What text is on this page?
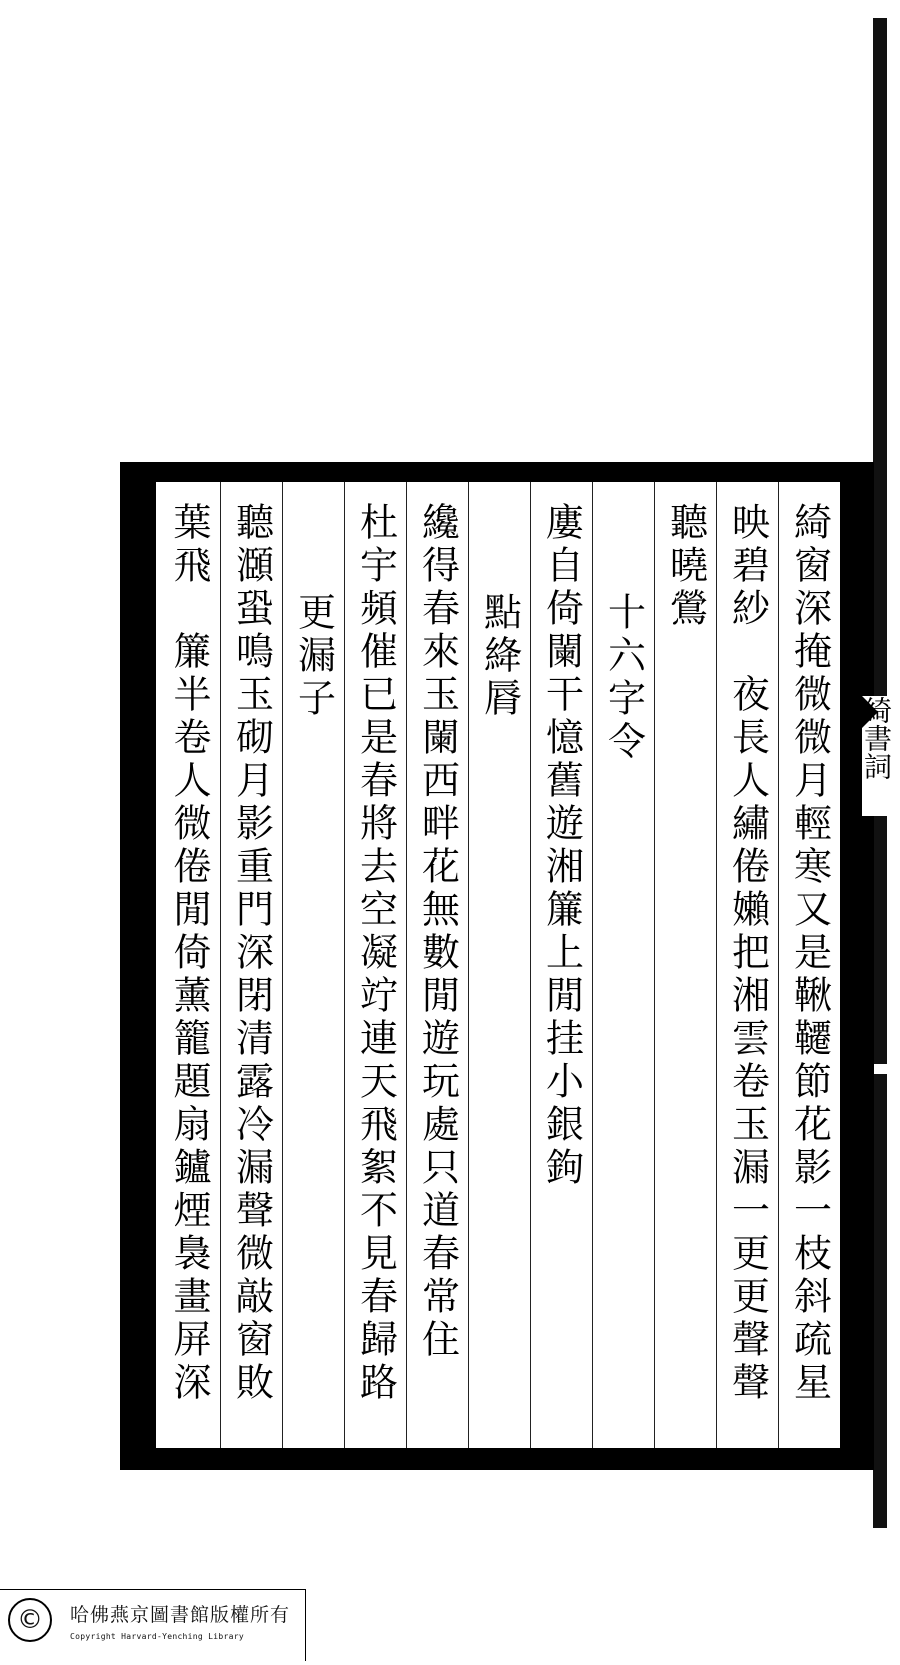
綺窗深掩微微月輕寒又是鞦韆節花影一枝斜疏星
映碧紗　夜長人繡倦嬾把湘雲卷玉漏一更更聲聲
聽曉鶯
十六字令
廔自倚闌干憶舊遊湘簾上閒挂小銀鉤
點絳脣
纔得春來玉闌西畔花無數閒遊玩處只道春常住
杜宇頻催已是春將去空凝竚連天飛絮不見春歸路
更漏子
聽㶊蛩鳴玉砌月影重門深閉清露冷漏聲微敲窗敗
葉飛　簾半卷人微倦閒倚薰籠題扇鑪煙裊畫屏深	綺書詞
©	哈佛燕京圖書館版權所有
Copyright Harvard-Yenching Library
